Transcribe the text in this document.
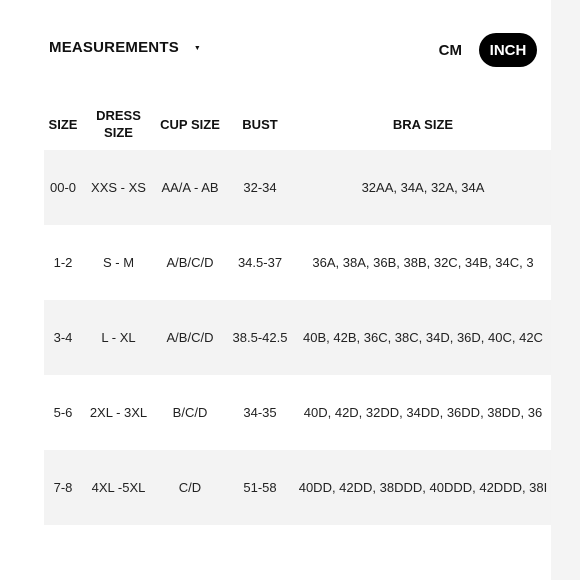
MEASUREMENTS ▼	CM	INCH
SIZE	DRESS SIZE	CUP SIZE	BUST	BRA SIZE
00-0	XXS - XS	AA/A - AB	32-34	32AA, 34A, 32A, 34A
1-2	S - M	A/B/C/D	34.5-37	36A, 38A, 36B, 38B, 32C, 34B, 34C, 3
3-4	L - XL	A/B/C/D	38.5-42.5	40B, 42B, 36C, 38C, 34D, 36D, 40C, 42C
5-6	2XL - 3XL	B/C/D	34-35	40D, 42D, 32DD, 34DD, 36DD, 38DD, 36
7-8	4XL -5XL	C/D	51-58	40DD, 42DD, 38DDD, 40DDD, 42DDD, 38I
